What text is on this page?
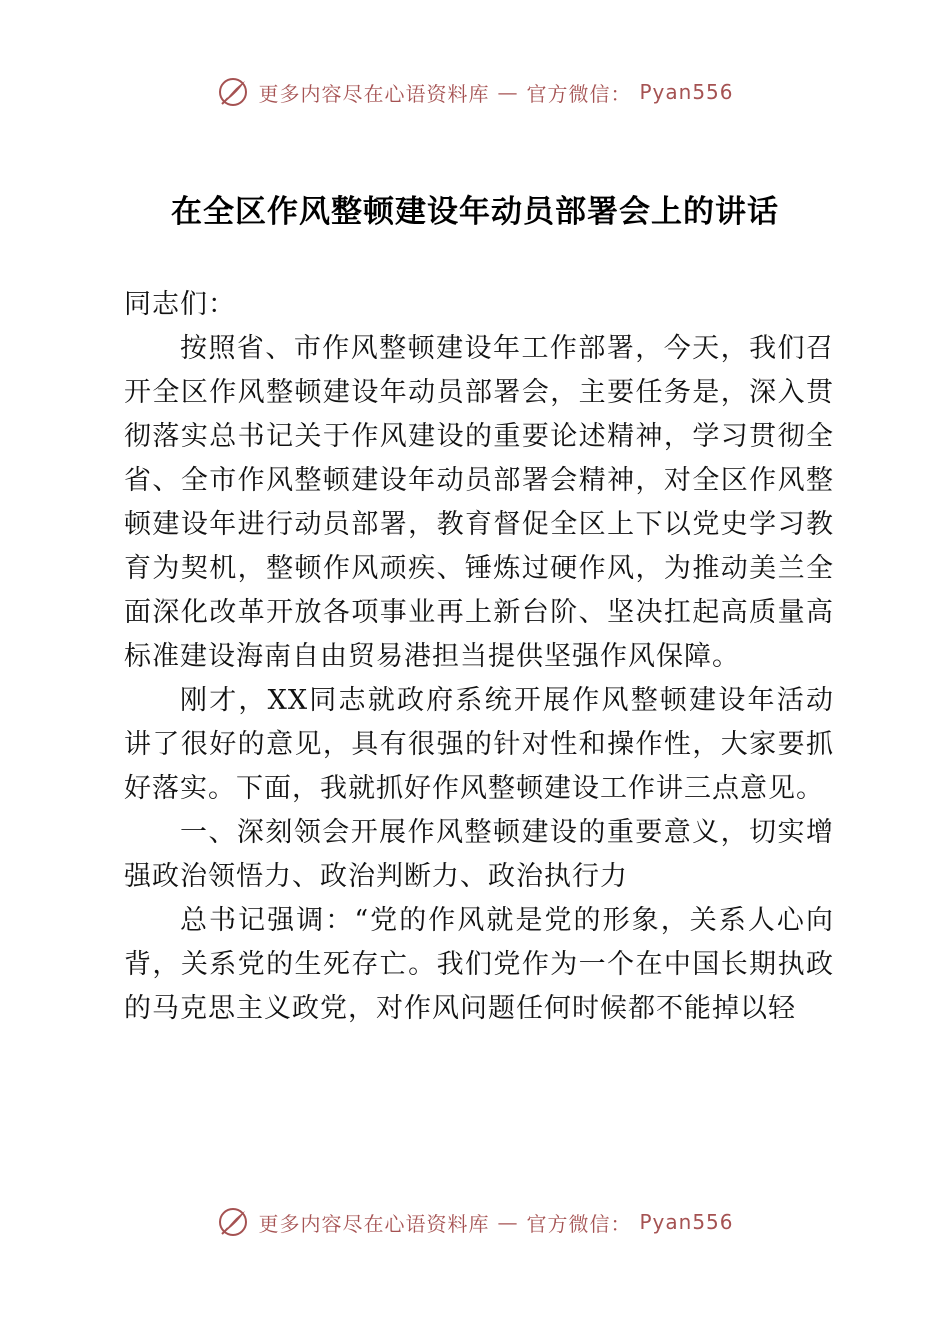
更多内容尽在心语资料库 — 官方微信： Pyan556
在全区作风整顿建设年动员部署会上的讲话

同志们：

按照省、市作风整顿建设年工作部署，今天，我们召开全区作风整顿建设年动员部署会，主要任务是，深入贯彻落实总书记关于作风建设的重要论述精神，学习贯彻全省、全市作风整顿建设年动员部署会精神，对全区作风整顿建设年进行动员部署，教育督促全区上下以党史学习教育为契机，整顿作风顽疾、锤炼过硬作风，为推动美兰全面深化改革开放各项事业再上新台阶、坚决扛起高质量高标准建设海南自由贸易港担当提供坚强作风保障。

刚才，XX同志就政府系统开展作风整顿建设年活动讲了很好的意见，具有很强的针对性和操作性，大家要抓好落实。下面，我就抓好作风整顿建设工作讲三点意见。

一、深刻领会开展作风整顿建设的重要意义，切实增强政治领悟力、政治判断力、政治执行力

总书记强调：“党的作风就是党的形象，关系人心向背，关系党的生死存亡。我们党作为一个在中国长期执政的马克思主义政党，对作风问题任何时候都不能掉以轻

更多内容尽在心语资料库 — 官方微信： Pyan556
